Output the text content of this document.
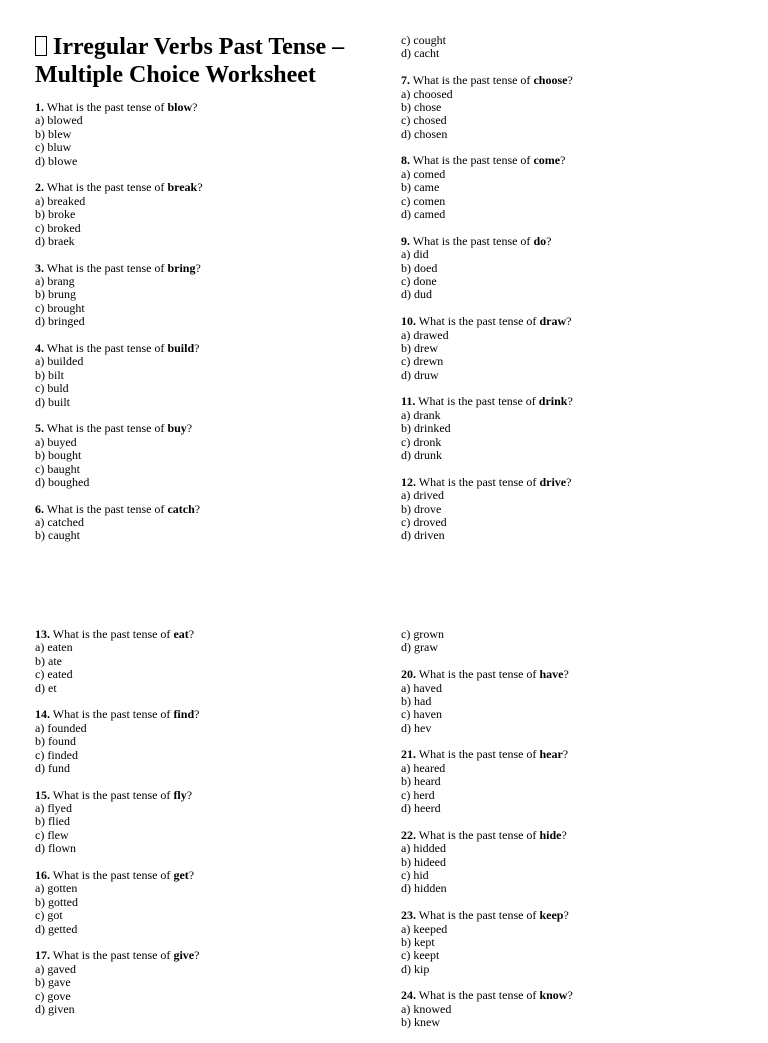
Irregular Verbs Past Tense – Multiple Choice Worksheet
1. What is the past tense of blow?
a) blowed
b) blew
c) bluw
d) blowe
2. What is the past tense of break?
a) breaked
b) broke
c) broked
d) braek
3. What is the past tense of bring?
a) brang
b) brung
c) brought
d) bringed
4. What is the past tense of build?
a) builded
b) bilt
c) buld
d) built
5. What is the past tense of buy?
a) buyed
b) bought
c) baught
d) boughed
6. What is the past tense of catch?
a) catched
b) caught
c) cought
d) cacht
7. What is the past tense of choose?
a) choosed
b) chose
c) chosed
d) chosen
8. What is the past tense of come?
a) comed
b) came
c) comen
d) camed
9. What is the past tense of do?
a) did
b) doed
c) done
d) dud
10. What is the past tense of draw?
a) drawed
b) drew
c) drewn
d) druw
11. What is the past tense of drink?
a) drank
b) drinked
c) dronk
d) drunk
12. What is the past tense of drive?
a) drived
b) drove
c) droved
d) driven
13. What is the past tense of eat?
a) eaten
b) ate
c) eated
d) et
14. What is the past tense of find?
a) founded
b) found
c) finded
d) fund
15. What is the past tense of fly?
a) flyed
b) flied
c) flew
d) flown
16. What is the past tense of get?
a) gotten
b) gotted
c) got
d) getted
17. What is the past tense of give?
a) gaved
b) gave
c) gove
d) given
c) grown
d) graw
20. What is the past tense of have?
a) haved
b) had
c) haven
d) hev
21. What is the past tense of hear?
a) heared
b) heard
c) herd
d) heerd
22. What is the past tense of hide?
a) hidded
b) hideed
c) hid
d) hidden
23. What is the past tense of keep?
a) keeped
b) kept
c) keept
d) kip
24. What is the past tense of know?
a) knowed
b) knew
